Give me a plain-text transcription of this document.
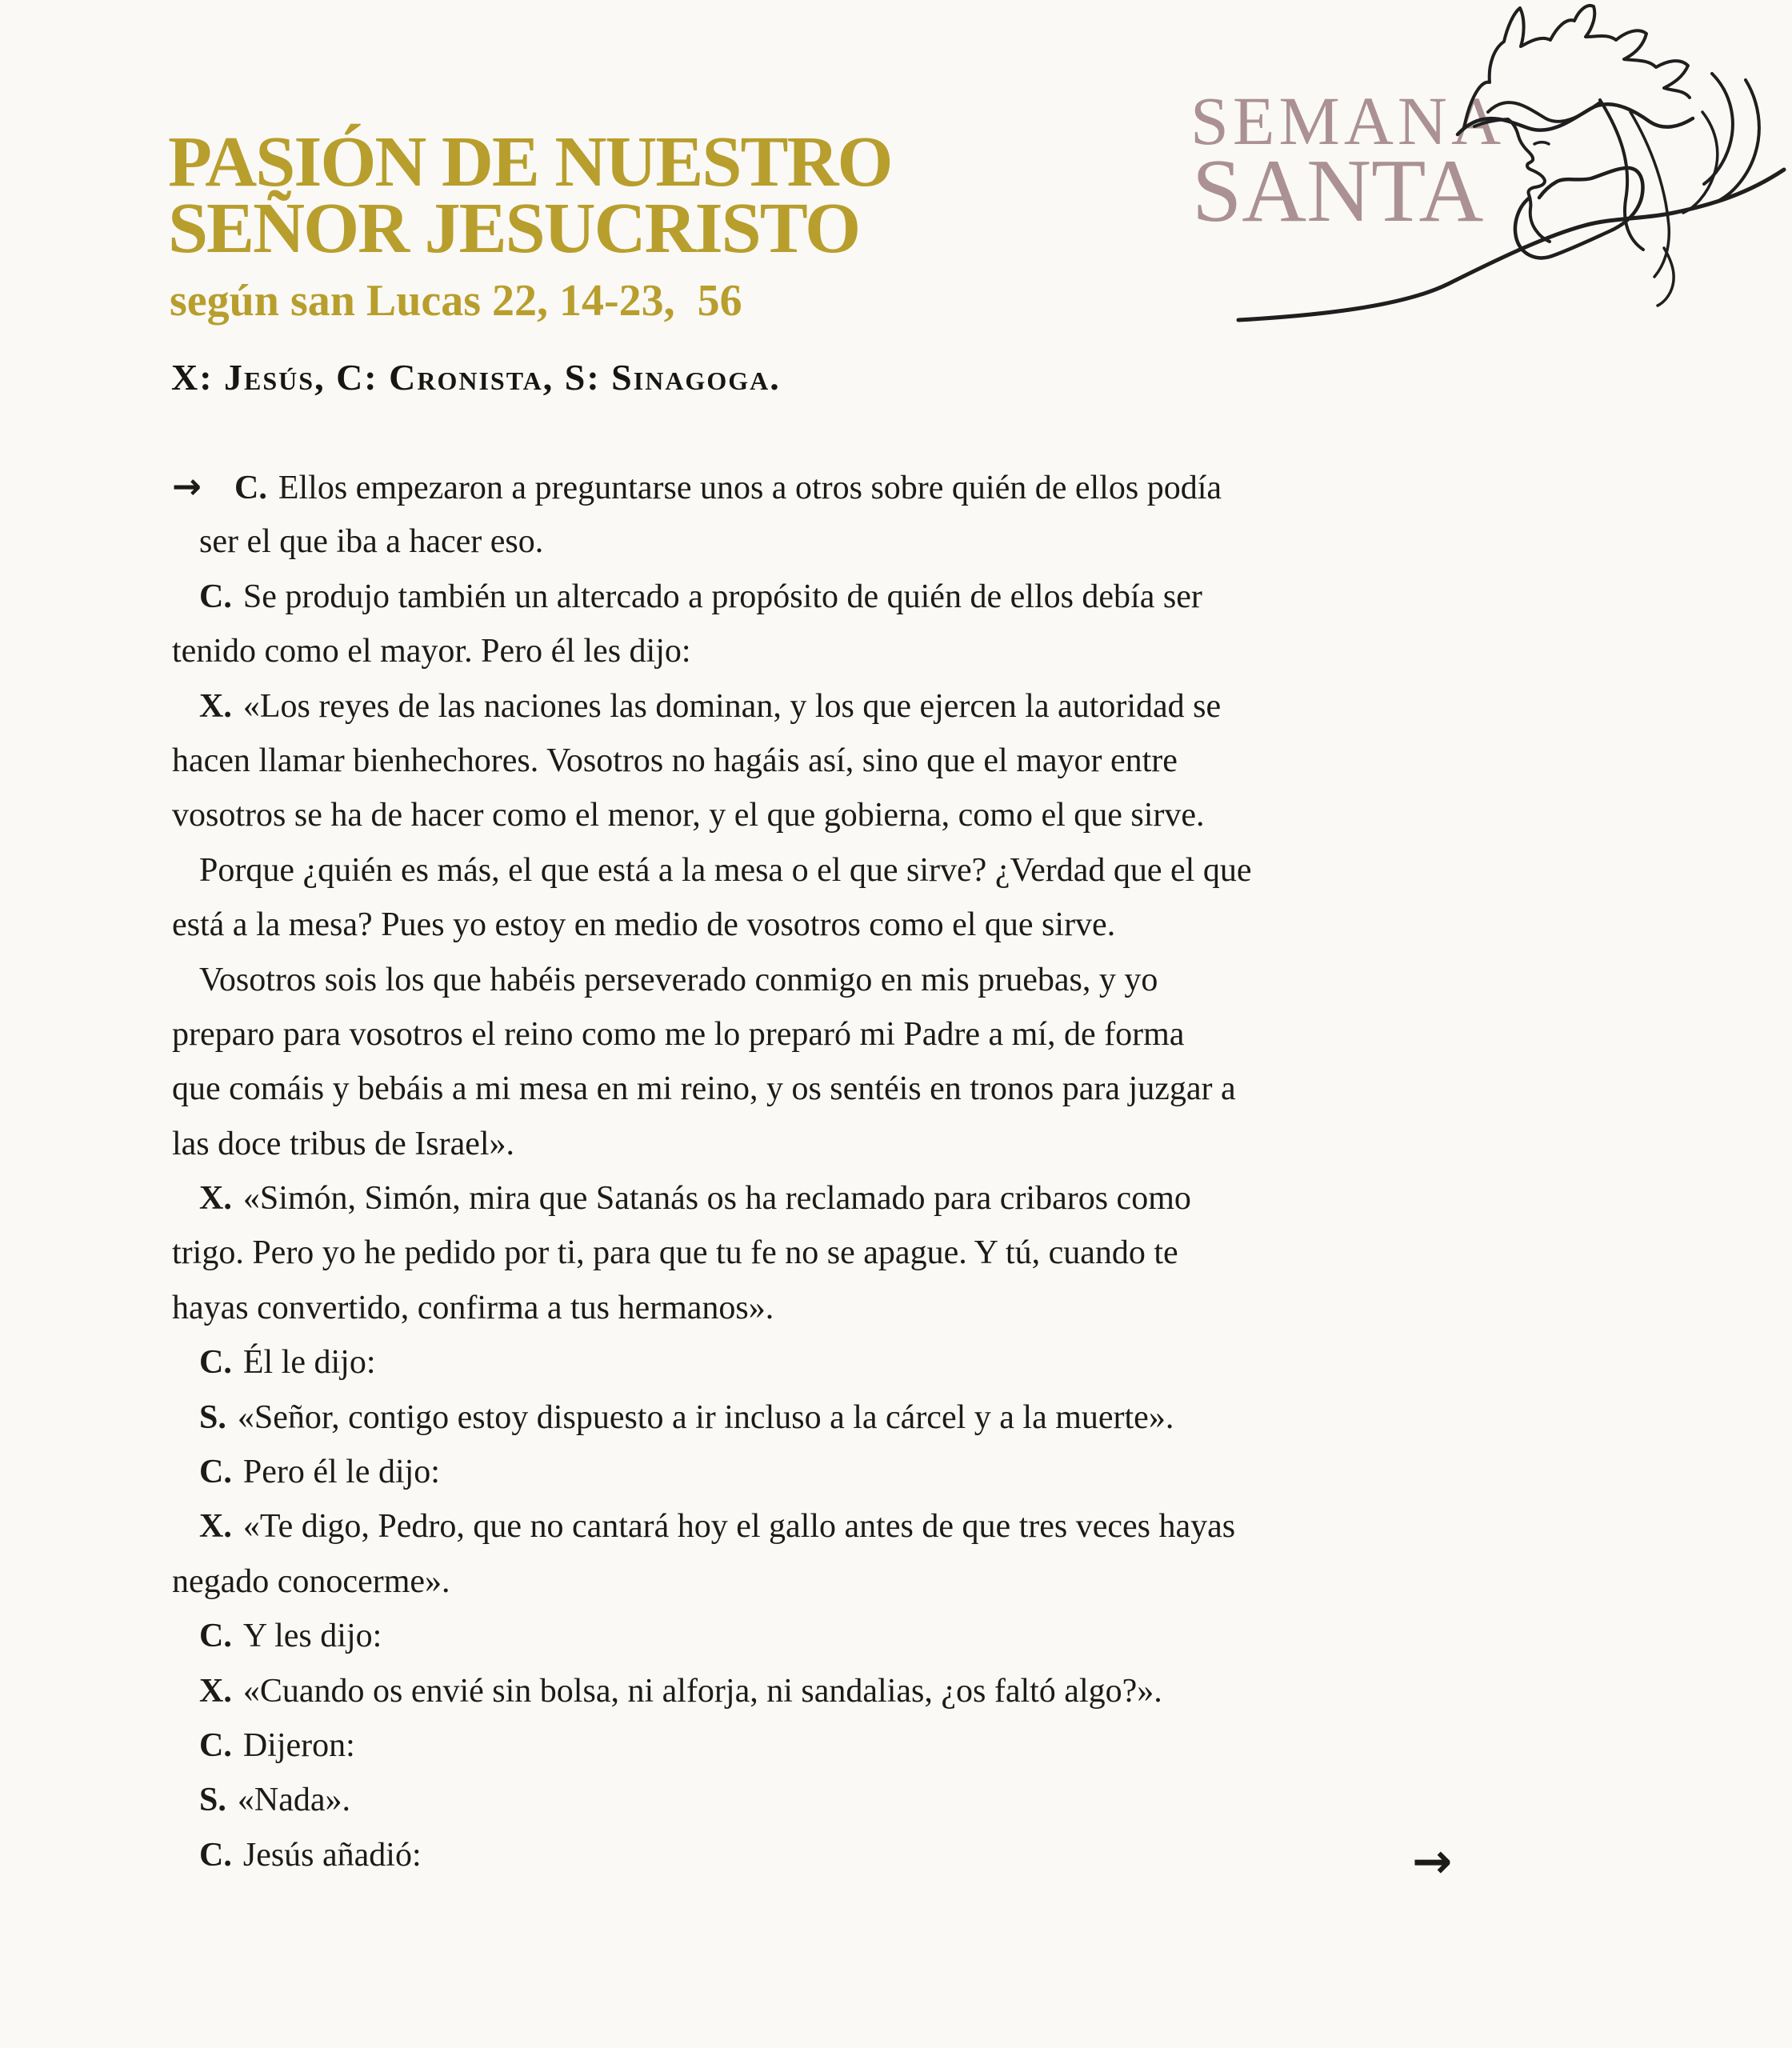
PASIÓN DE NUESTRO
SEÑOR JESUCRISTO
según san Lucas 22, 14-23,  56
X: Jesús, C: Cronista, S: Sinagoga.
SEMANA
SANTA
→ C. Ellos empezaron a preguntarse unos a otros sobre quién de ellos podía
ser el que iba a hacer eso.
C. Se produjo también un altercado a propósito de quién de ellos debía ser
tenido como el mayor. Pero él les dijo:
X. «Los reyes de las naciones las dominan, y los que ejercen la autoridad se
hacen llamar bienhechores. Vosotros no hagáis así, sino que el mayor entre
vosotros se ha de hacer como el menor, y el que gobierna, como el que sirve.
Porque ¿quién es más, el que está a la mesa o el que sirve? ¿Verdad que el que
está a la mesa? Pues yo estoy en medio de vosotros como el que sirve.
Vosotros sois los que habéis perseverado conmigo en mis pruebas, y yo
preparo para vosotros el reino como me lo preparó mi Padre a mí, de forma
que comáis y bebáis a mi mesa en mi reino, y os sentéis en tronos para juzgar a
las doce tribus de Israel».
X. «Simón, Simón, mira que Satanás os ha reclamado para cribaros como
trigo. Pero yo he pedido por ti, para que tu fe no se apague. Y tú, cuando te
hayas convertido, confirma a tus hermanos».
C. Él le dijo:
S. «Señor, contigo estoy dispuesto a ir incluso a la cárcel y a la muerte».
C. Pero él le dijo:
X. «Te digo, Pedro, que no cantará hoy el gallo antes de que tres veces hayas
negado conocerme».
C. Y les dijo:
X. «Cuando os envié sin bolsa, ni alforja, ni sandalias, ¿os faltó algo?».
C. Dijeron:
S. «Nada».
C. Jesús añadió:	→
